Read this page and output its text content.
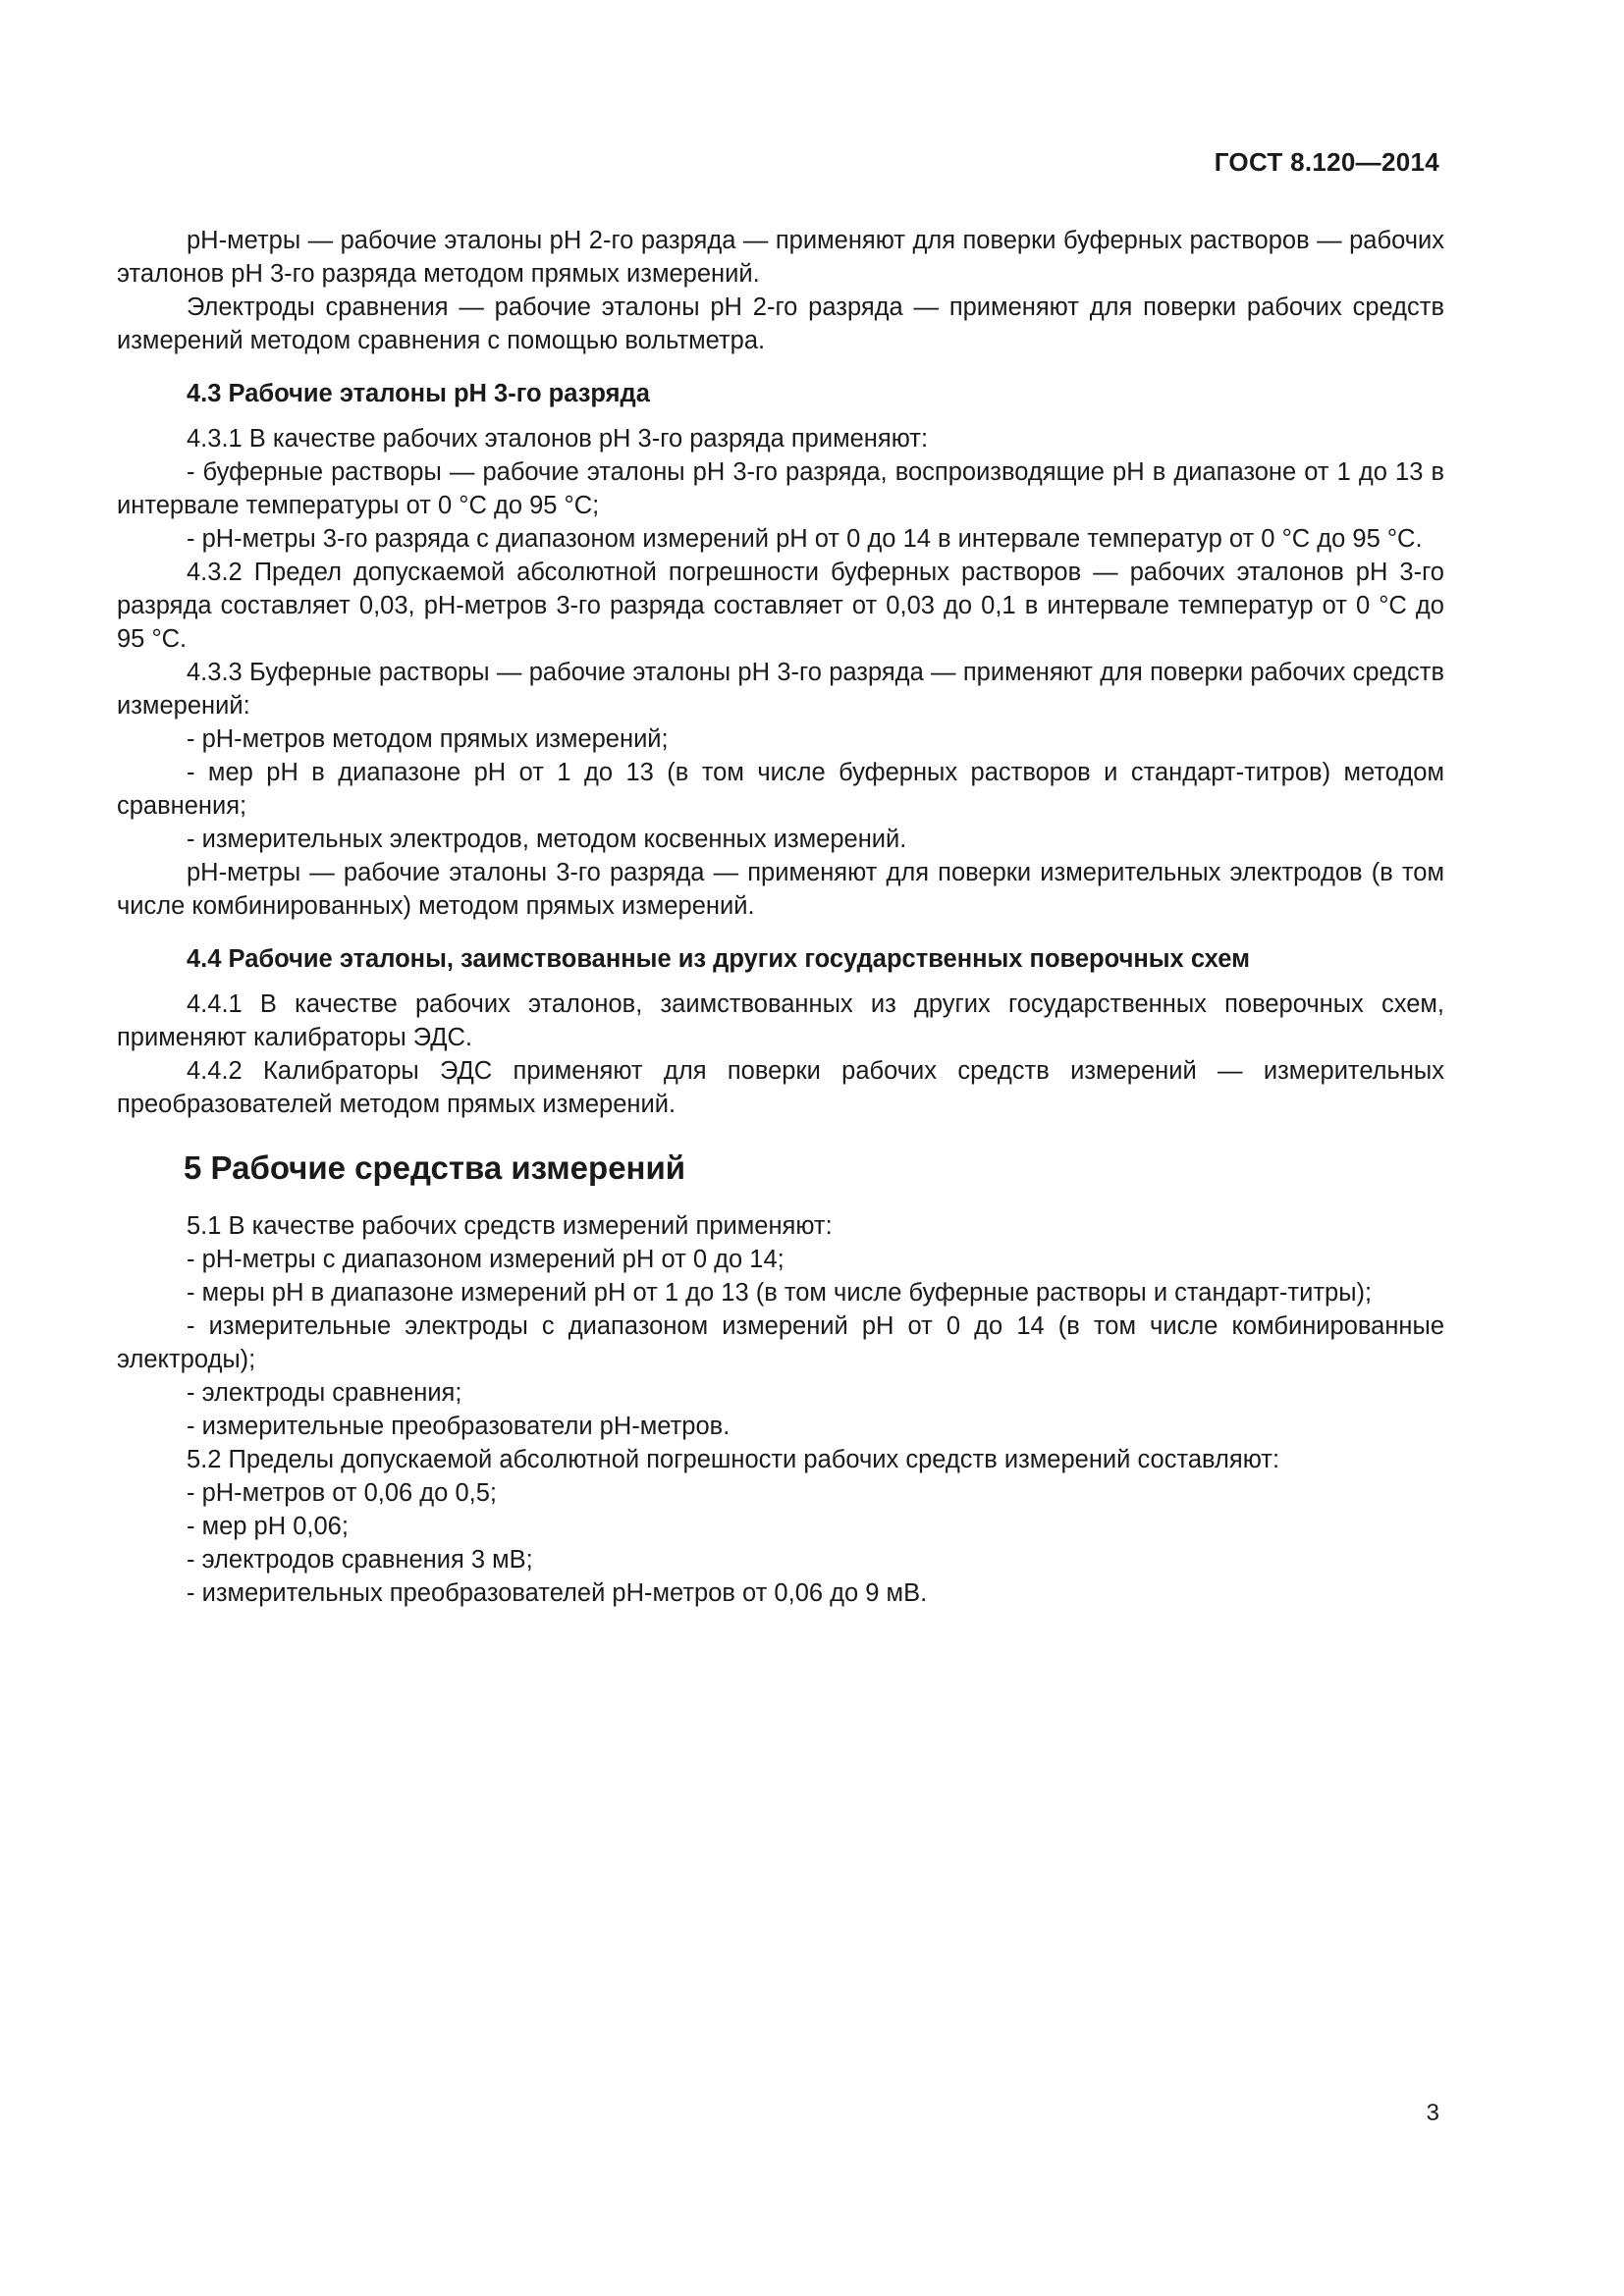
ГОСТ 8.120—2014

pH-метры — рабочие эталоны pH 2-го разряда — применяют для поверки буферных растворов — рабочих эталонов pH 3-го разряда методом прямых измерений.

Электроды сравнения — рабочие эталоны pH 2-го разряда — применяют для поверки рабочих средств измерений методом сравнения с помощью вольтметра.

4.3 Рабочие эталоны pH 3-го разряда

4.3.1 В качестве рабочих эталонов pH 3-го разряда применяют:

- буферные растворы — рабочие эталоны pH 3-го разряда, воспроизводящие pH в диапазоне от 1 до 13 в интервале температуры от 0 °C до 95 °C;

- pH-метры 3-го разряда с диапазоном измерений pH от 0 до 14 в интервале температур от 0 °C до 95 °C.

4.3.2 Предел допускаемой абсолютной погрешности буферных растворов — рабочих эталонов pH 3-го разряда составляет 0,03, pH-метров 3-го разряда составляет от 0,03 до 0,1 в интервале температур от 0 °C до 95 °C.

4.3.3 Буферные растворы — рабочие эталоны pH 3-го разряда — применяют для поверки рабочих средств измерений:

- pH-метров методом прямых измерений;

- мер pH в диапазоне pH от 1 до 13 (в том числе буферных растворов и стандарт-титров) методом сравнения;

- измерительных электродов, методом косвенных измерений.

pH-метры — рабочие эталоны 3-го разряда — применяют для поверки измерительных электродов (в том числе комбинированных) методом прямых измерений.

4.4 Рабочие эталоны, заимствованные из других государственных поверочных схем

4.4.1 В качестве рабочих эталонов, заимствованных из других государственных поверочных схем, применяют калибраторы ЭДС.

4.4.2 Калибраторы ЭДС применяют для поверки рабочих средств измерений — измерительных преобразователей методом прямых измерений.

5 Рабочие средства измерений

5.1 В качестве рабочих средств измерений применяют:

- pH-метры с диапазоном измерений pH от 0 до 14;

- меры pH в диапазоне измерений pH от 1 до 13 (в том числе буферные растворы и стандарт-титры);

- измерительные электроды с диапазоном измерений pH от 0 до 14 (в том числе комбинированные электроды);

- электроды сравнения;

- измерительные преобразователи pH-метров.

5.2 Пределы допускаемой абсолютной погрешности рабочих средств измерений составляют:

- pH-метров от 0,06 до 0,5;

- мер pH 0,06;

- электродов сравнения 3 мВ;

- измерительных преобразователей pH-метров от 0,06 до 9 мВ.

3
